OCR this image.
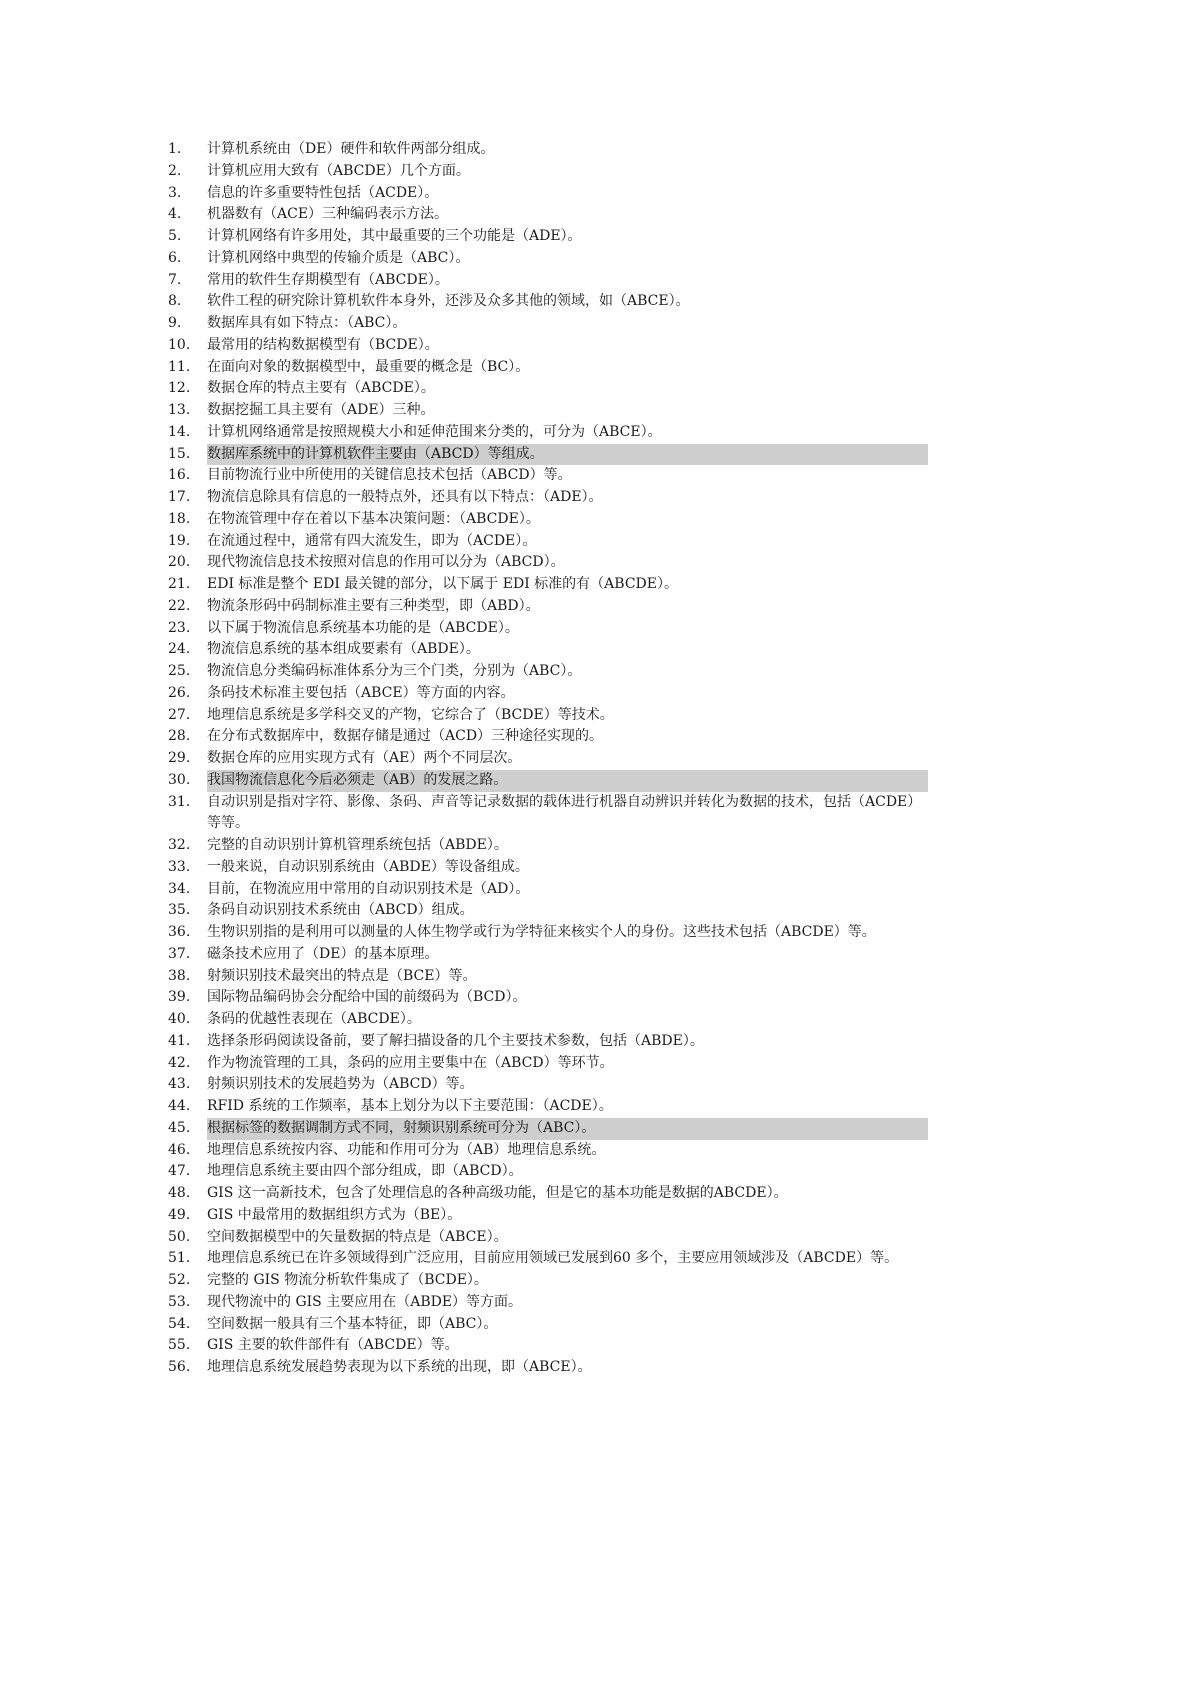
1.	计算机系统由（DE）硬件和软件两部分组成。
2.	计算机应用大致有（ABCDE）几个方面。
3.	信息的许多重要特性包括（ACDE）。
4.	机器数有（ACE）三种编码表示方法。
5.	计算机网络有许多用处，其中最重要的三个功能是（ADE）。
6.	计算机网络中典型的传输介质是（ABC）。
7.	常用的软件生存期模型有（ABCDE）。
8.	软件工程的研究除计算机软件本身外，还涉及众多其他的领域，如（ABCE）。
9.	数据库具有如下特点：（ABC）。
10.	最常用的结构数据模型有（BCDE）。
11.	在面向对象的数据模型中，最重要的概念是（BC）。
12.	数据仓库的特点主要有（ABCDE）。
13.	数据挖掘工具主要有（ADE）三种。
14.	计算机网络通常是按照规模大小和延伸范围来分类的，可分为（ABCE）。
15.	数据库系统中的计算机软件主要由（ABCD）等组成。
16.	目前物流行业中所使用的关键信息技术包括（ABCD）等。
17.	物流信息除具有信息的一般特点外，还具有以下特点：（ADE）。
18.	在物流管理中存在着以下基本决策问题：（ABCDE）。
19.	在流通过程中，通常有四大流发生，即为（ACDE）。
20.	现代物流信息技术按照对信息的作用可以分为（ABCD）。
21.	EDI 标准是整个 EDI 最关键的部分，以下属于 EDI 标准的有（ABCDE）。
22.	物流条形码中码制标准主要有三种类型，即（ABD）。
23.	以下属于物流信息系统基本功能的是（ABCDE）。
24.	物流信息系统的基本组成要素有（ABDE）。
25.	物流信息分类编码标准体系分为三个门类，分别为（ABC）。
26.	条码技术标准主要包括（ABCE）等方面的内容。
27.	地理信息系统是多学科交叉的产物，它综合了（BCDE）等技术。
28.	在分布式数据库中，数据存储是通过（ACD）三种途径实现的。
29.	数据仓库的应用实现方式有（AE）两个不同层次。
30.	我国物流信息化今后必须走（AB）的发展之路。
31.	自动识别是指对字符、影像、条码、声音等记录数据的载体进行机器自动辨识并转化为数据的技术，包括（ACDE）等等。
32.	完整的自动识别计算机管理系统包括（ABDE）。
33.	一般来说，自动识别系统由（ABDE）等设备组成。
34.	目前，在物流应用中常用的自动识别技术是（AD）。
35.	条码自动识别技术系统由（ABCD）组成。
36.	生物识别指的是利用可以测量的人体生物学或行为学特征来核实个人的身份。这些技术包括（ABCDE）等。
37.	磁条技术应用了（DE）的基本原理。
38.	射频识别技术最突出的特点是（BCE）等。
39.	国际物品编码协会分配给中国的前缀码为（BCD）。
40.	条码的优越性表现在（ABCDE）。
41.	选择条形码阅读设备前，要了解扫描设备的几个主要技术参数，包括（ABDE）。
42.	作为物流管理的工具，条码的应用主要集中在（ABCD）等环节。
43.	射频识别技术的发展趋势为（ABCD）等。
44.	RFID 系统的工作频率，基本上划分为以下主要范围：（ACDE）。
45.	根据标签的数据调制方式不同，射频识别系统可分为（ABC）。
46.	地理信息系统按内容、功能和作用可分为（AB）地理信息系统。
47.	地理信息系统主要由四个部分组成，即（ABCD）。
48.	GIS 这一高新技术，包含了处理信息的各种高级功能，但是它的基本功能是数据的ABCDE）。
49.	GIS 中最常用的数据组织方式为（BE）。
50.	空间数据模型中的矢量数据的特点是（ABCE）。
51.	地理信息系统已在许多领域得到广泛应用，目前应用领域已发展到60 多个，主要应用领域涉及（ABCDE）等。
52.	完整的 GIS 物流分析软件集成了（BCDE）。
53.	现代物流中的 GIS 主要应用在（ABDE）等方面。
54.	空间数据一般具有三个基本特征，即（ABC）。
55.	GIS 主要的软件部件有（ABCDE）等。
56.	地理信息系统发展趋势表现为以下系统的出现，即（ABCE）。
